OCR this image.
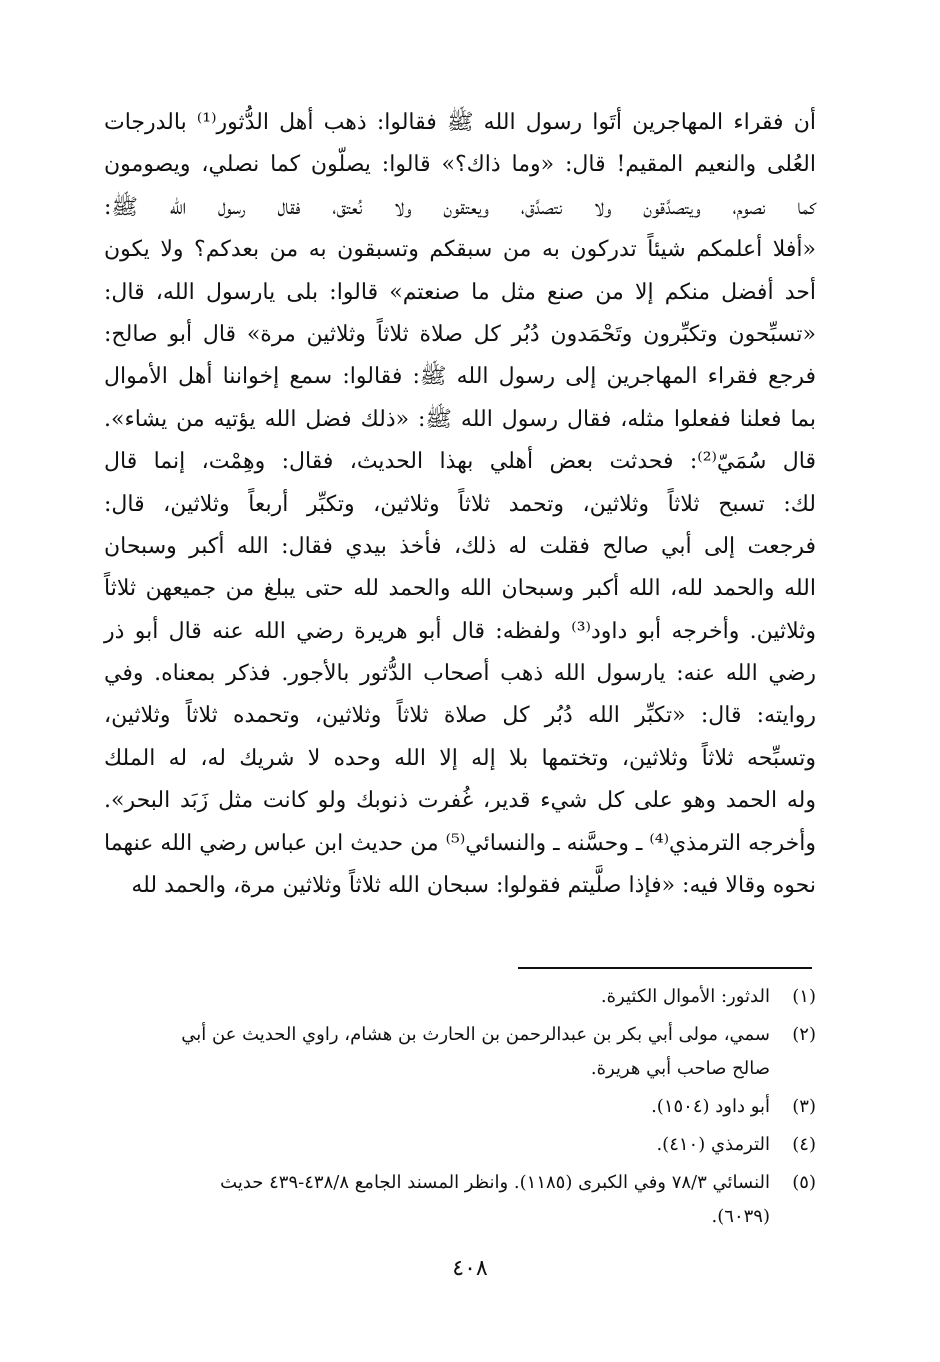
أن فقراء المهاجرين أتَوا رسول الله ﷺ فقالوا: ذهب أهل الدُّثور⁽¹⁾ بالدرجات
العُلى والنعيم المقيم! قال: «وما ذاك؟» قالوا: يصلّون كما نصلي، ويصومون
كما نصوم، ويتصدَّقون ولا نتصدَّق، ويعتقون ولا نُعتق، فقال رسول الله ﷺ:
«أفلا أعلمكم شيئاً تدركون به من سبقكم وتسبقون به من بعدكم؟ ولا يكون
أحد أفضل منكم إلا من صنع مثل ما صنعتم» قالوا: بلى يارسول الله، قال:
«تسبِّحون وتكبِّرون وتَحْمَدون دُبُر كل صلاة ثلاثاً وثلاثين مرة» قال أبو صالح:
فرجع فقراء المهاجرين إلى رسول الله ﷺ: فقالوا: سمع إخواننا أهل الأموال
بما فعلنا ففعلوا مثله، فقال رسول الله ﷺ: «ذلك فضل الله يؤتيه من يشاء».
قال سُمَيّ⁽²⁾: فحدثت بعض أهلي بهذا الحديث، فقال: وهِمْت، إنما قال
لك: تسبح ثلاثاً وثلاثين، وتحمد ثلاثاً وثلاثين، وتكبِّر أربعاً وثلاثين، قال:
فرجعت إلى أبي صالح فقلت له ذلك، فأخذ بيدي فقال: الله أكبر وسبحان
الله والحمد لله، الله أكبر وسبحان الله والحمد لله حتى يبلغ من جميعهن ثلاثاً
وثلاثين. وأخرجه أبو داود⁽³⁾ ولفظه: قال أبو هريرة رضي الله عنه قال أبو ذر
رضي الله عنه: يارسول الله ذهب أصحاب الدُّثور بالأجور. فذكر بمعناه. وفي
روايته: قال: «تكبِّر الله دُبُر كل صلاة ثلاثاً وثلاثين، وتحمده ثلاثاً وثلاثين،
وتسبِّحه ثلاثاً وثلاثين، وتختمها بلا إله إلا الله وحده لا شريك له، له الملك
وله الحمد وهو على كل شيء قدير، غُفرت ذنوبك ولو كانت مثل زَبَد البحر».
وأخرجه الترمذي⁽⁴⁾ ـ وحسَّنه ـ والنسائي⁽⁵⁾ من حديث ابن عباس رضي الله عنهما
نحوه وقالا فيه: «فإذا صلَّيتم فقولوا: سبحان الله ثلاثاً وثلاثين مرة، والحمد لله
(١)
الدثور: الأموال الكثيرة.
(٢)
سمي، مولى أبي بكر بن عبدالرحمن بن الحارث بن هشام، راوي الحديث عن أبي
صالح صاحب أبي هريرة.
(٣)
أبو داود (١٥٠٤).
(٤)
الترمذي (٤١٠).
(٥)
النسائي ٧٨/٣ وفي الكبرى (١١٨٥). وانظر المسند الجامع ٤٣٨/٨-٤٣٩ حديث
(٦٠٣٩).
٤٠٨
